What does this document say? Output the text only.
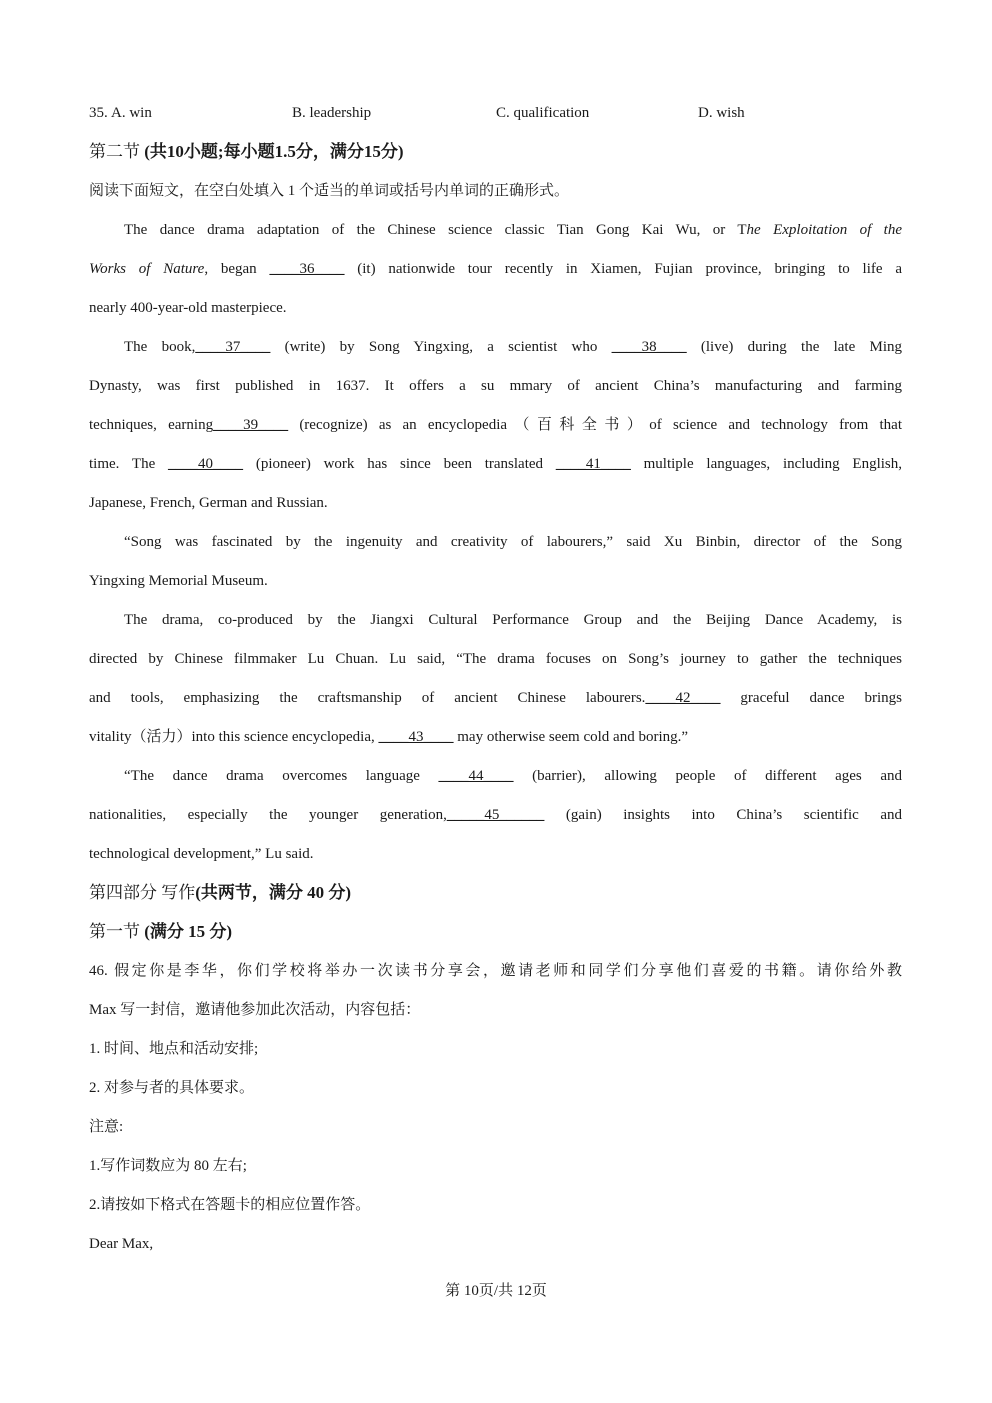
35. A. win	B. leadership	C. qualification	D. wish
第二节 (共10小题;每小题1.5分，满分15分)
阅读下面短文，在空白处填入 1 个适当的单词或括号内单词的正确形式。
The dance drama adaptation of the Chinese science classic Tian Gong Kai Wu, or The Exploitation of the
Works of Nature, began ____36____ (it) nationwide tour recently in Xiamen, Fujian province, bringing to life a
nearly 400-year-old masterpiece.
The book,____37____ (write) by Song Yingxing, a scientist who ____38____ (live) during the late Ming
Dynasty, was first published in 1637. It offers a su mmary of ancient China’s manufacturing and farming
techniques, earning____39____ (recognize) as an encyclopedia（百科全书）of science and technology from that
time. The ____40____ (pioneer) work has since been translated ____41____ multiple languages, including English,
Japanese, French, German and Russian.
“Song was fascinated by the ingenuity and creativity of labourers,” said Xu Binbin, director of the Song
Yingxing Memorial Museum.
The drama, co-produced by the Jiangxi Cultural Performance Group and the Beijing Dance Academy, is
directed by Chinese filmmaker Lu Chuan. Lu said, “The drama focuses on Song’s journey to gather the techniques
and tools, emphasizing the craftsmanship of ancient Chinese labourers.____42____ graceful dance brings
vitality（活力）into this science encyclopedia, ____43____ may otherwise seem cold and boring.”
“The dance drama overcomes language ____44____ (barrier), allowing people of different ages and
nationalities, especially the younger generation,_____45______ (gain) insights into China’s scientific and
technological development,” Lu said.
第四部分 写作(共两节，满分 40 分)
第一节 (满分 15 分)
46. 假定你是李华，你们学校将举办一次读书分享会，邀请老师和同学们分享他们喜爱的书籍。请你给外教
Max 写一封信，邀请他参加此次活动，内容包括：
1. 时间、地点和活动安排;
2. 对参与者的具体要求。
注意:
1.写作词数应为 80 左右;
2.请按如下格式在答题卡的相应位置作答。
Dear Max,
第 10页/共 12页
